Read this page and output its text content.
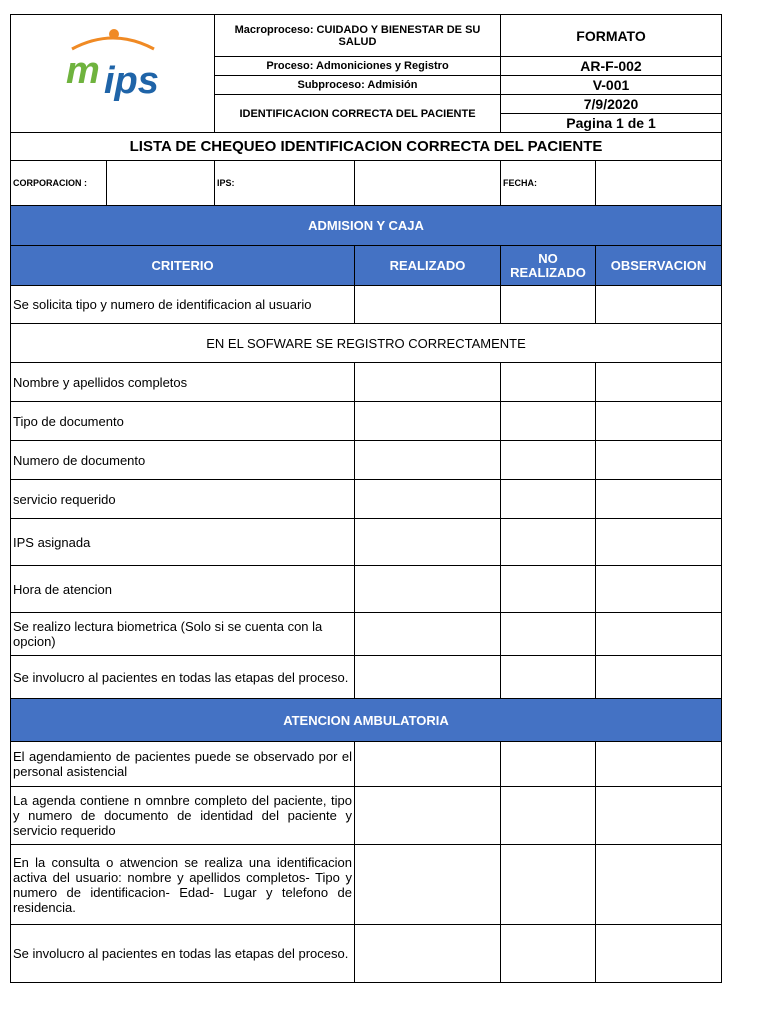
m ips		Macroproceso: CUIDADO Y BIENESTAR DE SU SALUD		FORMATO	
		Proceso: Admoniciones y Registro		AR-F-002	
		Subproceso: Admisión		V-001	
		IDENTIFICACION CORRECTA DEL PACIENTE		7/9/2020	
				Pagina 1 de 1	
LISTA DE CHEQUEO IDENTIFICACION CORRECTA DEL PACIENTE					
CORPORACION :		IPS:		FECHA:	
ADMISION Y CAJA					
CRITERIO			REALIZADO	NO REALIZADO	OBSERVACION
Se solicita tipo y numero de identificacion al usuario					
EN EL SOFWARE SE REGISTRO CORRECTAMENTE					
Nombre y apellidos completos					
Tipo de documento					
Numero de documento					
servicio requerido					
IPS asignada					
Hora de atencion					
Se realizo lectura biometrica (Solo si se cuenta con la opcion)					
Se involucro al pacientes en todas las etapas del proceso.					
ATENCION AMBULATORIA					
El agendamiento de pacientes puede se observado por el personal asistencial					
La agenda contiene n omnbre completo del paciente, tipo y numero de documento de identidad del paciente y servicio requerido					
En la consulta o atwencion se realiza una identificacion activa del usuario: nombre y apellidos completos- Tipo y numero de identificacion- Edad- Lugar y telefono de residencia.					
Se involucro al pacientes en todas las etapas del proceso.					
